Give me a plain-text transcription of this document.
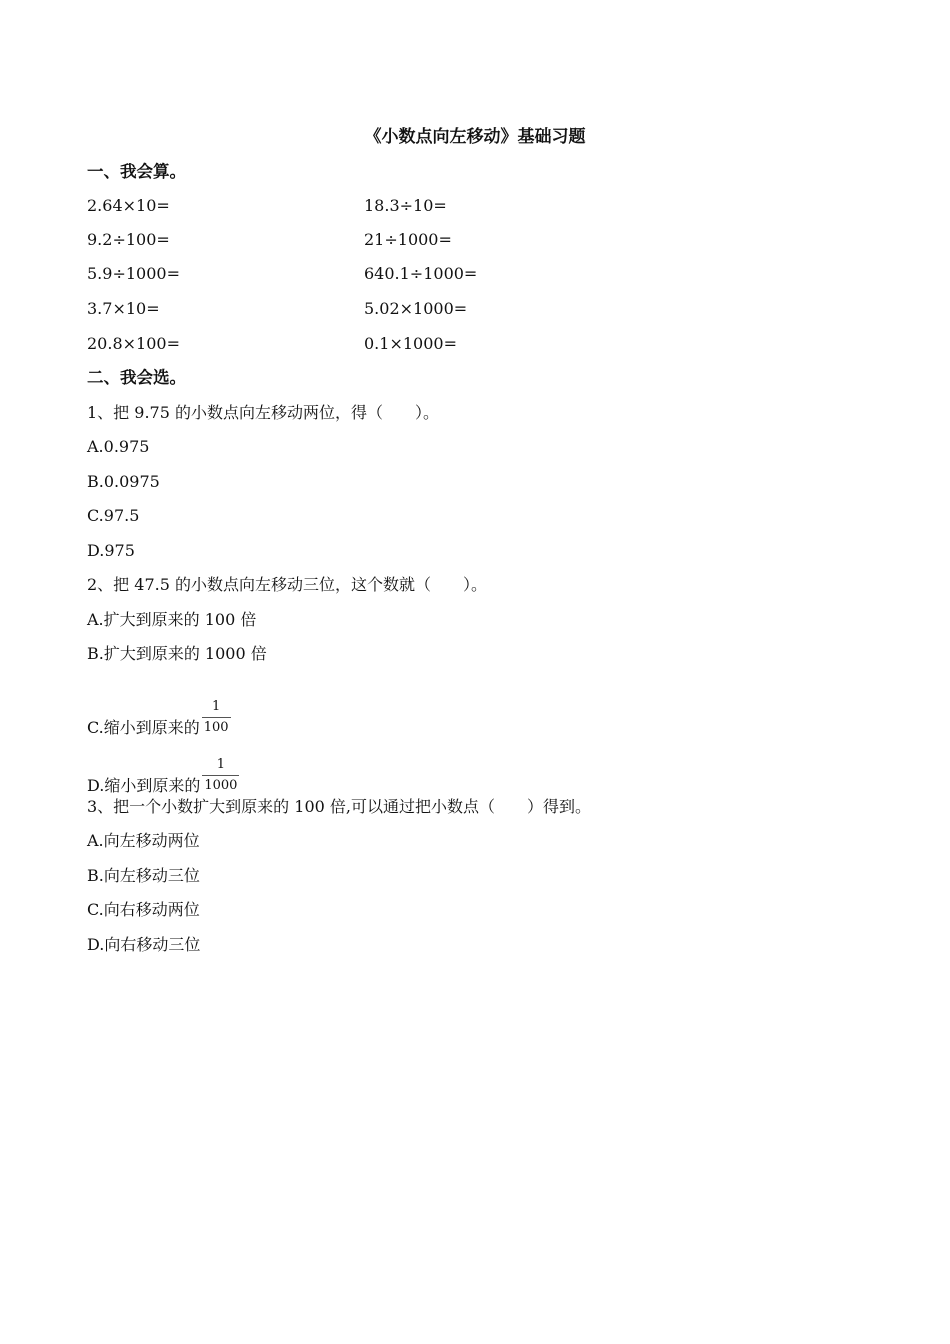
《小数点向左移动》基础习题
一、我会算。
2.64×10=	18.3÷10=
9.2÷100=	21÷1000=
5.9÷1000=	640.1÷1000=
3.7×10=	5.02×1000=
20.8×100=	0.1×1000=
二、我会选。
1、把 9.75 的小数点向左移动两位，得（　　）。
A.0.975
B.0.0975
C.97.5
D.975
2、把 47.5 的小数点向左移动三位，这个数就（　　）。
A.扩大到原来的 100 倍
B.扩大到原来的 1000 倍
C.缩小到原来的 $\frac{1}{100}$
D.缩小到原来的 $\frac{1}{1000}$
3、把一个小数扩大到原来的 100 倍,可以通过把小数点（　　）得到。
A.向左移动两位
B.向左移动三位
C.向右移动两位
D.向右移动三位
